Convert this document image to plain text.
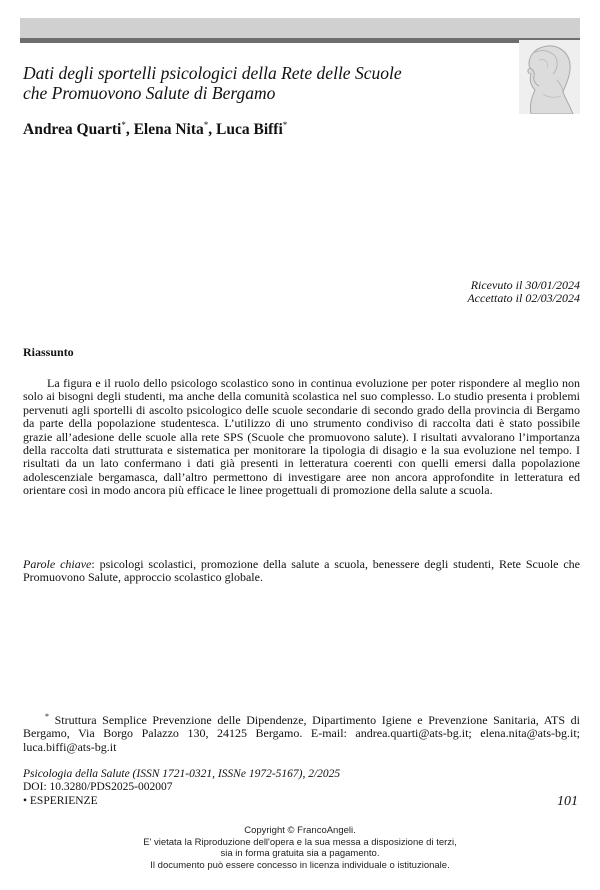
Dati degli sportelli psicologici della Rete delle Scuole
che Promuovono Salute di Bergamo
Andrea Quarti*, Elena Nita*, Luca Biffi*
Ricevuto il 30/01/2024
Accettato il 02/03/2024
Riassunto

La figura e il ruolo dello psicologo scolastico sono in continua evoluzione per poter rispondere al meglio non solo ai bisogni degli studenti, ma anche della comunità scolastica nel suo complesso. Lo studio presenta i problemi pervenuti agli sportelli di ascolto psicologico delle scuole secondarie di secondo grado della provincia di Bergamo da parte della popolazione studentesca. L’utilizzo di uno strumento condiviso di raccolta dati è stato possibile grazie all’adesione delle scuole alla rete SPS (Scuole che promuovono salute). I risultati avvalorano l’importanza della raccolta dati strutturata e sistematica per monitorare la tipologia di disagio e la sua evoluzione nel tempo. I risultati da un lato confermano i dati già presenti in letteratura coerenti con quelli emersi dalla popolazione adolescenziale bergamasca, dall’altro permettono di investigare aree non ancora approfondite in letteratura ed orientare così in modo ancora più efficace le linee progettuali di promozione della salute a scuola.

Parole chiave: psicologi scolastici, promozione della salute a scuola, benessere degli studenti, Rete Scuole che Promuovono Salute, approccio scolastico globale.

* Struttura Semplice Prevenzione delle Dipendenze, Dipartimento Igiene e Prevenzione Sanitaria, ATS di Bergamo, Via Borgo Palazzo 130, 24125 Bergamo. E-mail: andrea.quarti@ats-bg.it; elena.nita@ats-bg.it; luca.biffi@ats-bg.it

Psicologia della Salute (ISSN 1721-0321, ISSNe 1972-5167), 2/2025
DOI: 10.3280/PDS2025-002007
• ESPERIENZE	101
Copyright © FrancoAngeli.
E' vietata la Riproduzione dell'opera e la sua messa a disposizione di terzi,
sia in forma gratuita sia a pagamento.
Il documento può essere concesso in licenza individuale o istituzionale.
